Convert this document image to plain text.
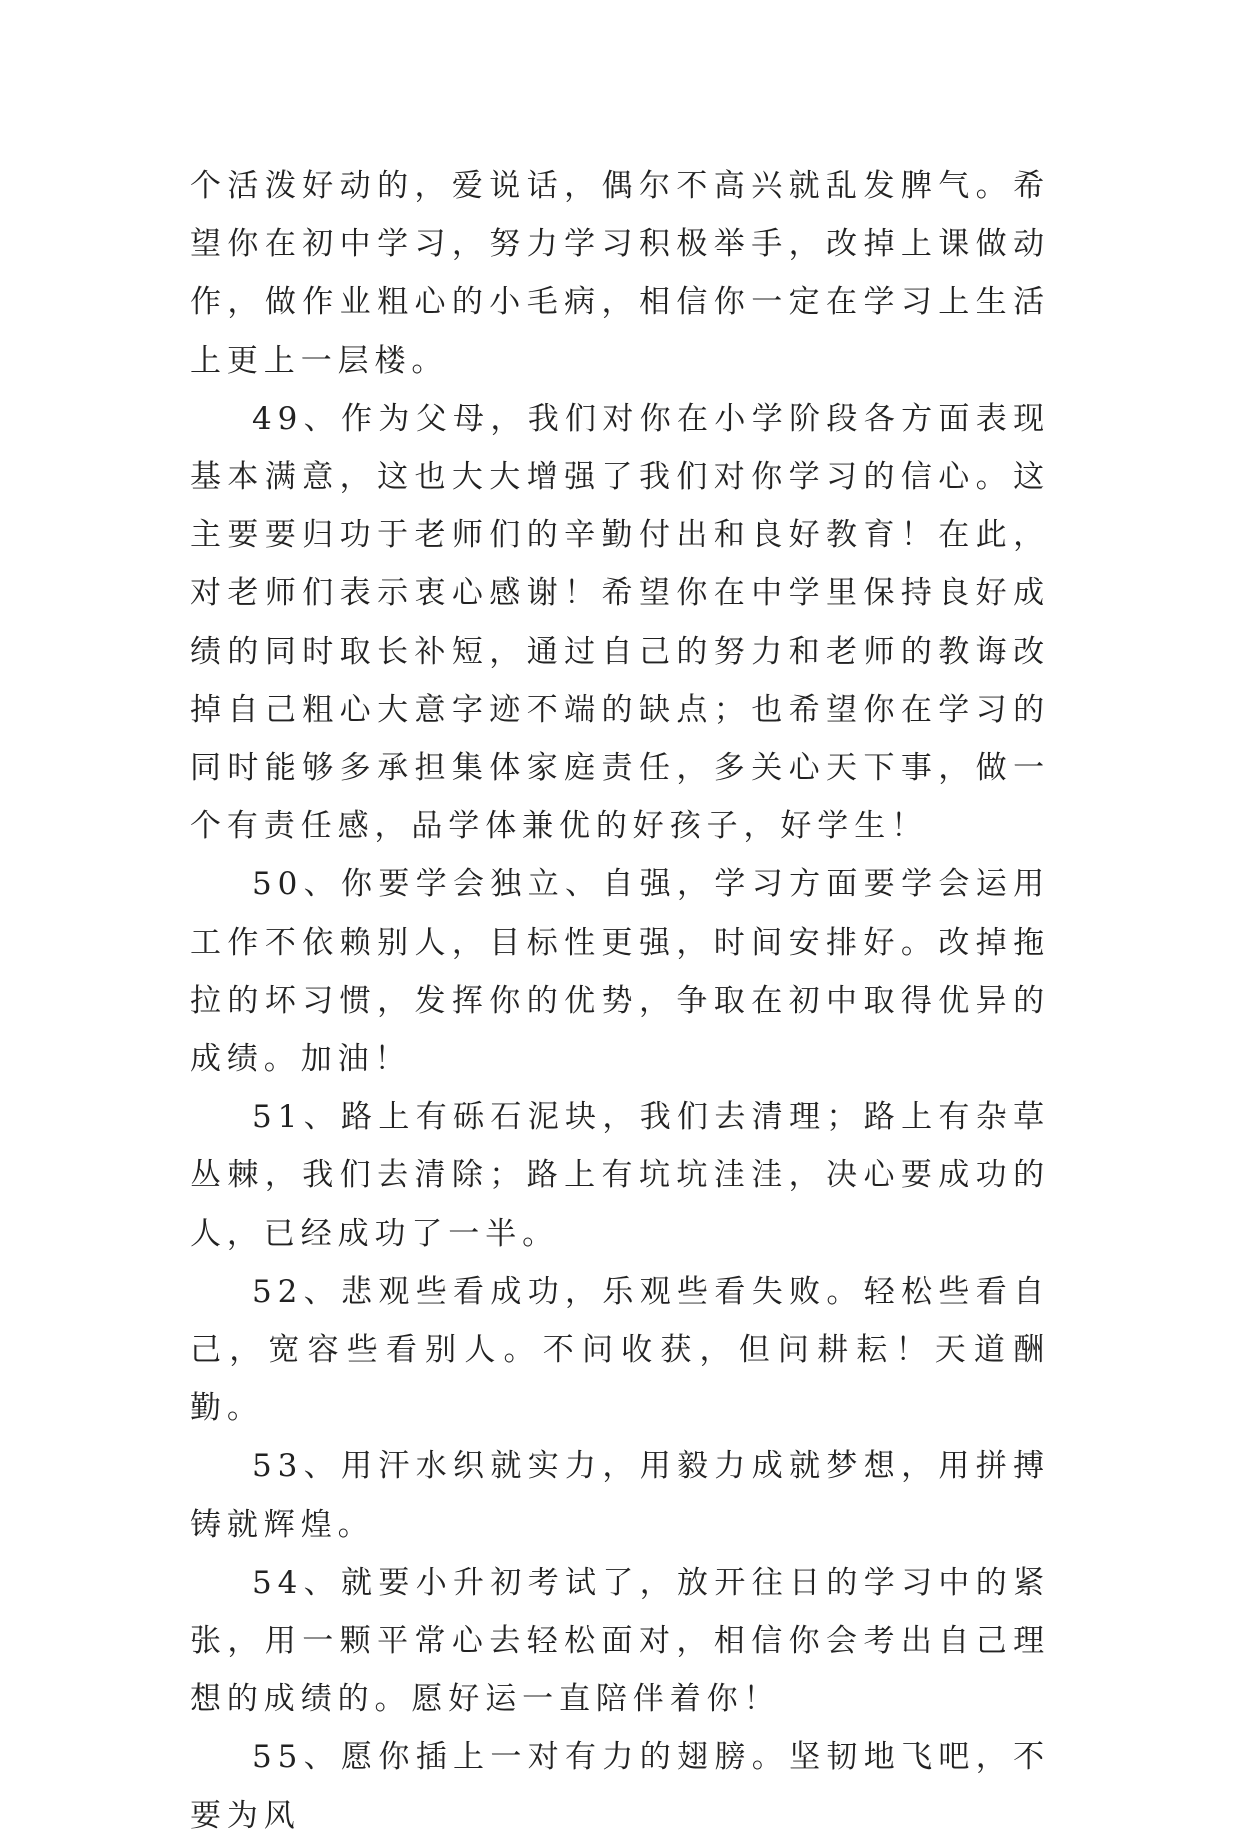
个活泼好动的，爱说话，偶尔不高兴就乱发脾气。希望你在初中学习，努力学习积极举手，改掉上课做动作，做作业粗心的小毛病，相信你一定在学习上生活上更上一层楼。

49、作为父母，我们对你在小学阶段各方面表现基本满意，这也大大增强了我们对你学习的信心。这主要要归功于老师们的辛勤付出和良好教育！在此，对老师们表示衷心感谢！希望你在中学里保持良好成绩的同时取长补短，通过自己的努力和老师的教诲改掉自己粗心大意字迹不端的缺点；也希望你在学习的同时能够多承担集体家庭责任，多关心天下事，做一个有责任感，品学体兼优的好孩子，好学生！

50、你要学会独立、自强，学习方面要学会运用工作不依赖别人，目标性更强，时间安排好。改掉拖拉的坏习惯，发挥你的优势，争取在初中取得优异的成绩。加油！

51、路上有砾石泥块，我们去清理；路上有杂草丛棘，我们去清除；路上有坑坑洼洼，决心要成功的人，已经成功了一半。

52、悲观些看成功，乐观些看失败。轻松些看自己，宽容些看别人。不问收获，但问耕耘！天道酬勤。

53、用汗水织就实力，用毅力成就梦想，用拼搏铸就辉煌。

54、就要小升初考试了，放开往日的学习中的紧张，用一颗平常心去轻松面对，相信你会考出自己理想的成绩的。愿好运一直陪伴着你！

55、愿你插上一对有力的翅膀。坚韧地飞吧，不要为风
